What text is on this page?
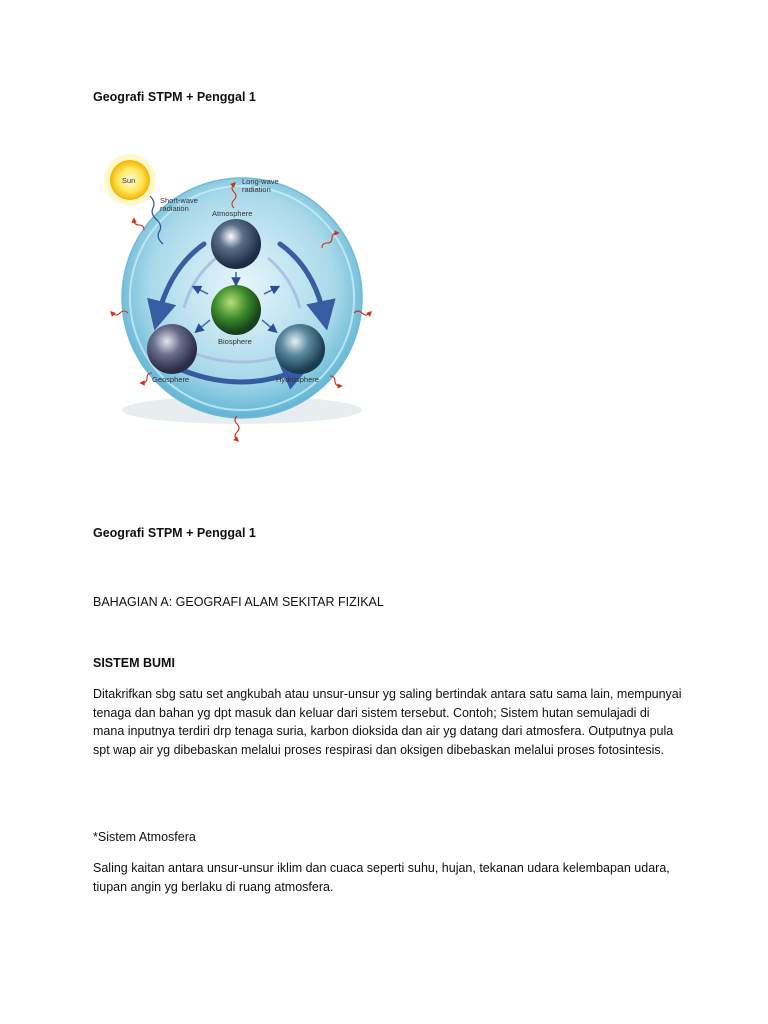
Geografi STPM + Penggal 1
Sun
Short-wave
radiation
Long-wave
radiation
Atmosphere
Biosphere
Geosphere	Hydrosphere
Geografi STPM + Penggal 1
BAHAGIAN A: GEOGRAFI ALAM SEKITAR FIZIKAL
SISTEM BUMI
Ditakrifkan sbg satu set angkubah atau unsur-unsur yg saling bertindak antara satu sama lain, mempunyai tenaga dan bahan yg dpt masuk dan keluar dari sistem tersebut. Contoh; Sistem hutan semulajadi di mana inputnya terdiri drp tenaga suria, karbon dioksida dan air yg datang dari atmosfera. Outputnya pula spt wap air yg dibebaskan melalui proses respirasi dan oksigen dibebaskan melalui proses fotosintesis.
*Sistem Atmosfera
Saling kaitan antara unsur-unsur iklim dan cuaca seperti suhu, hujan, tekanan udara kelembapan udara, tiupan angin yg berlaku di ruang atmosfera.
